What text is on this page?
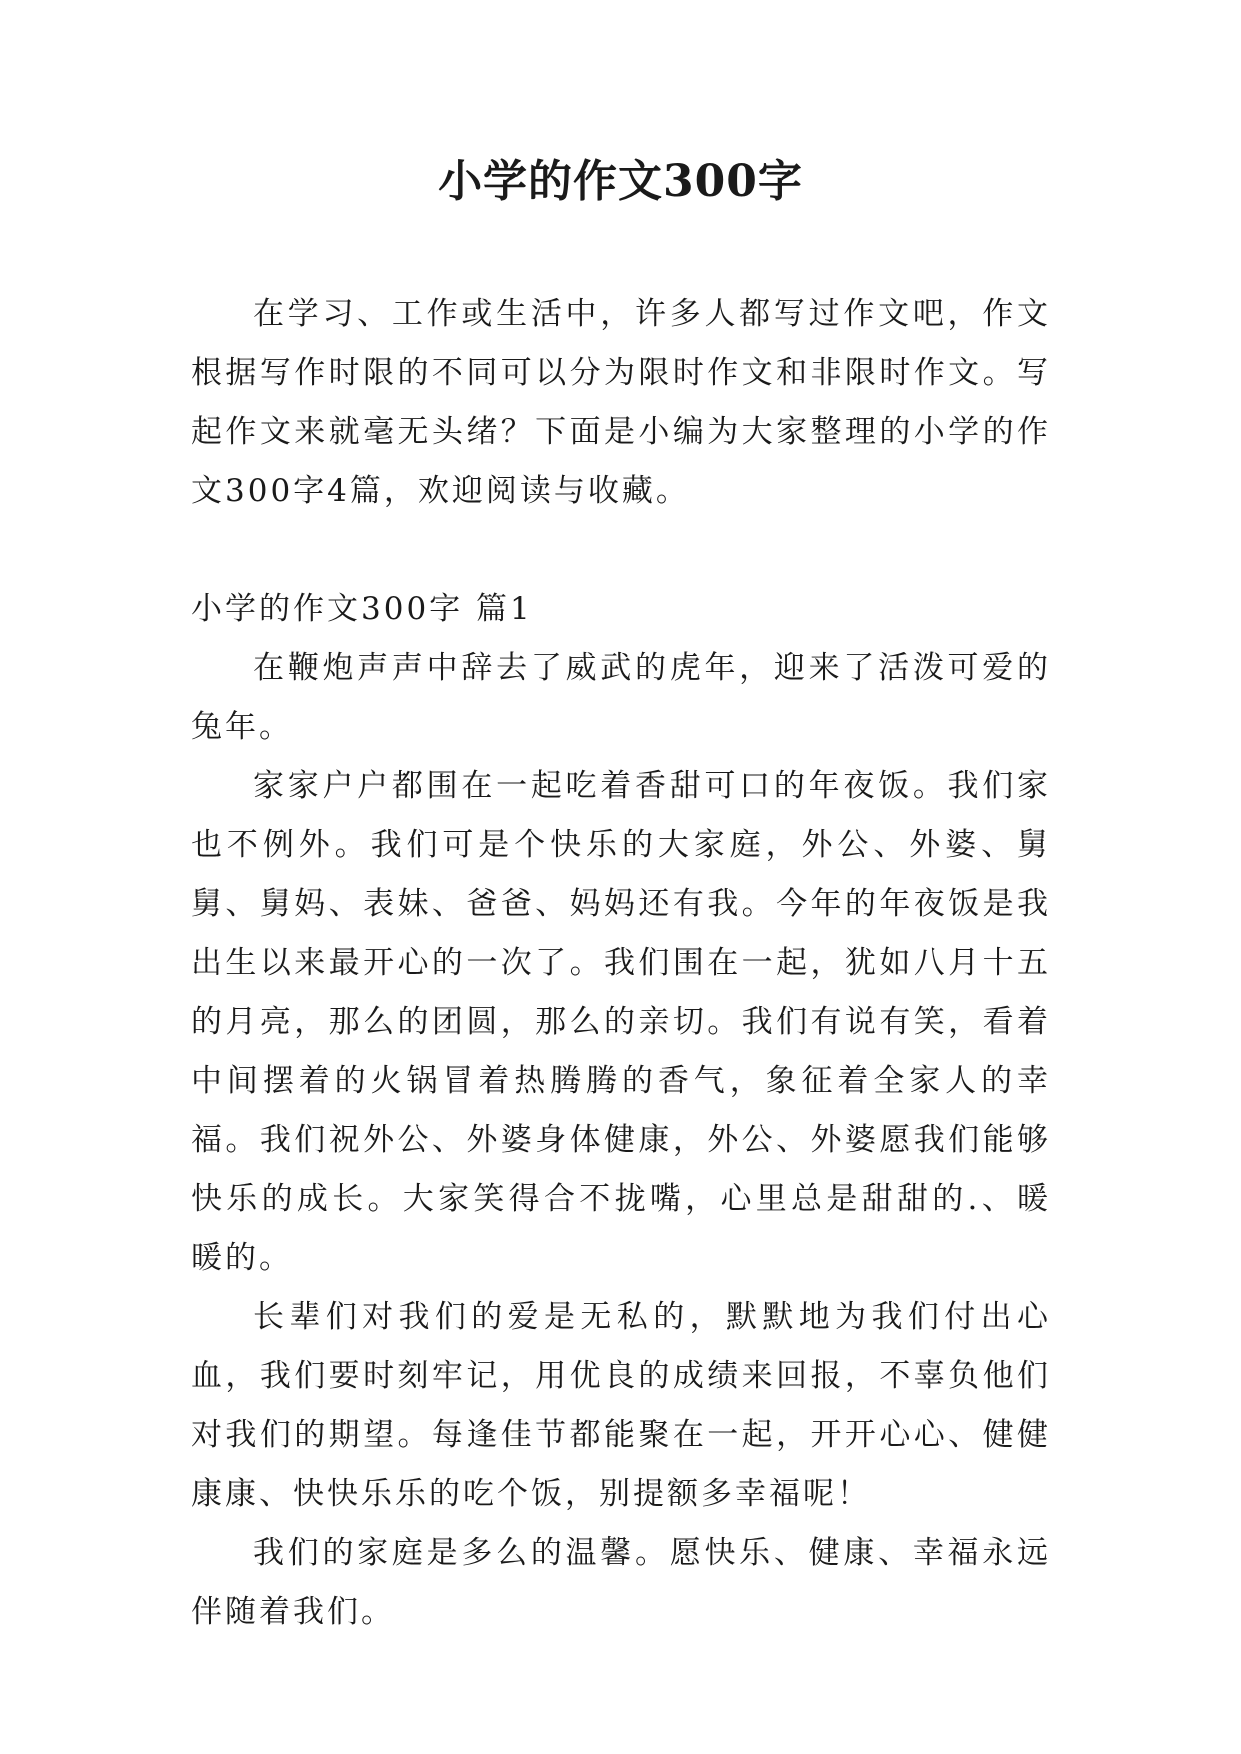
小学的作文300字

在学习、工作或生活中，许多人都写过作文吧，作文根据写作时限的不同可以分为限时作文和非限时作文。写起作文来就毫无头绪？下面是小编为大家整理的小学的作文300字4篇，欢迎阅读与收藏。

小学的作文300字 篇1

在鞭炮声声中辞去了威武的虎年，迎来了活泼可爱的兔年。

家家户户都围在一起吃着香甜可口的年夜饭。我们家也不例外。我们可是个快乐的大家庭，外公、外婆、舅舅、舅妈、表妹、爸爸、妈妈还有我。今年的年夜饭是我出生以来最开心的一次了。我们围在一起，犹如八月十五的月亮，那么的团圆，那么的亲切。我们有说有笑，看着中间摆着的火锅冒着热腾腾的香气，象征着全家人的幸福。我们祝外公、外婆身体健康，外公、外婆愿我们能够快乐的成长。大家笑得合不拢嘴，心里总是甜甜的.、暖暖的。

长辈们对我们的爱是无私的，默默地为我们付出心血，我们要时刻牢记，用优良的成绩来回报，不辜负他们对我们的期望。每逢佳节都能聚在一起，开开心心、健健康康、快快乐乐的吃个饭，别提额多幸福呢！

我们的家庭是多么的温馨。愿快乐、健康、幸福永远伴随着我们。
